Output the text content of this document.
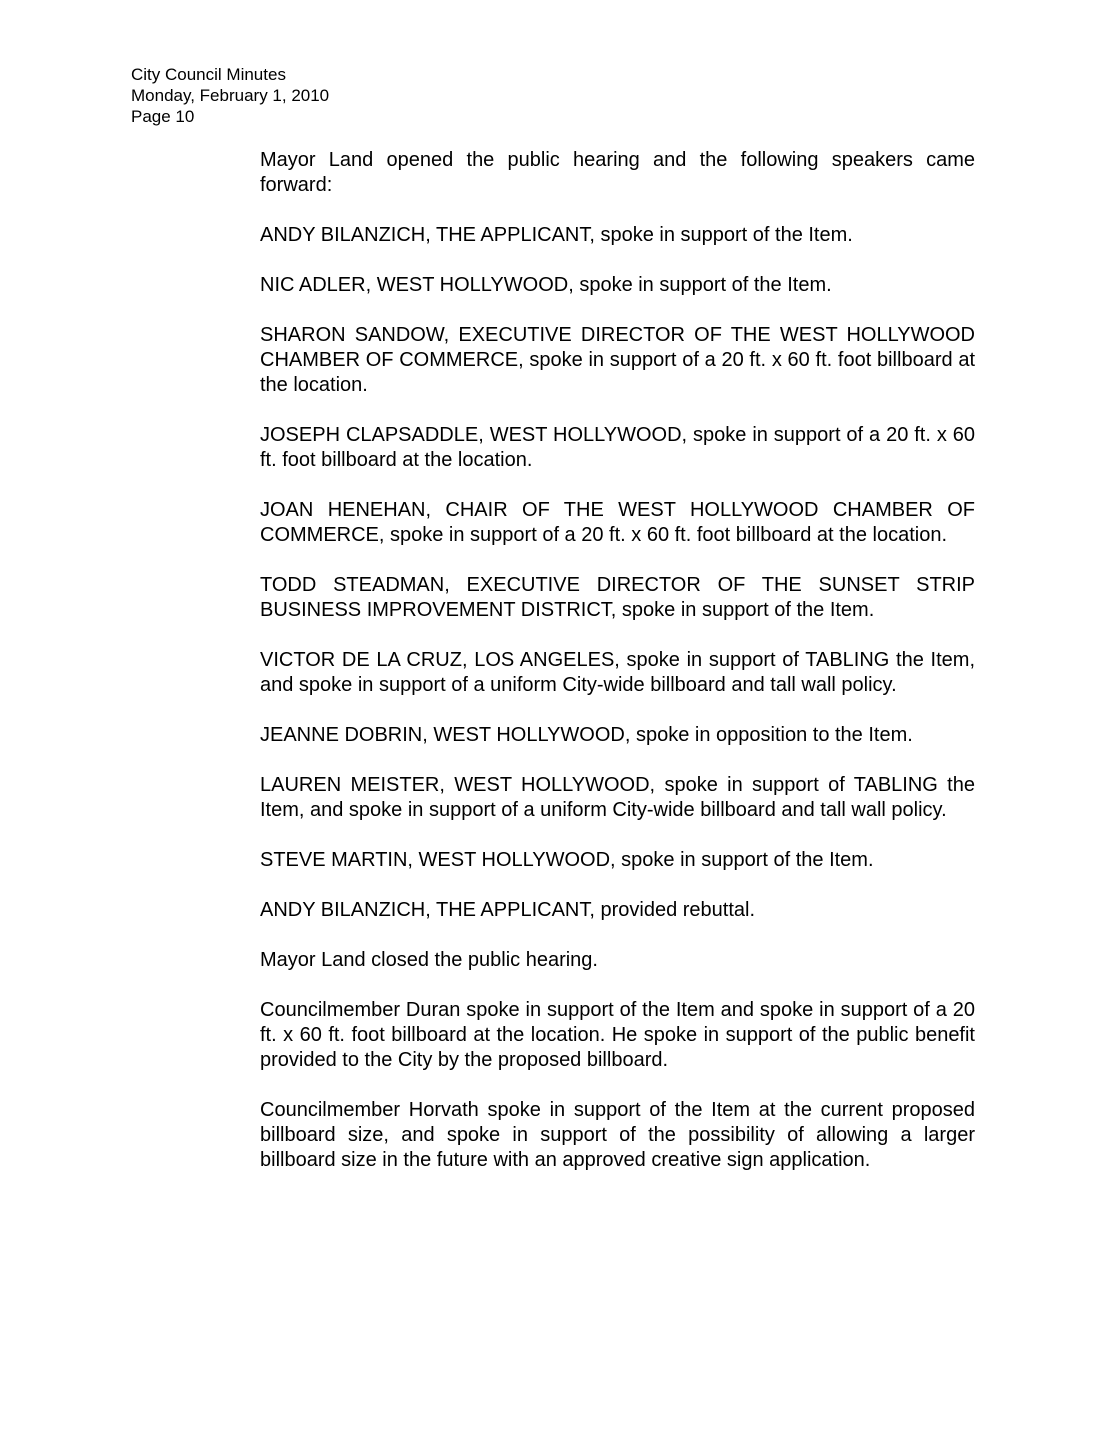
City Council Minutes
Monday, February 1, 2010
Page 10

Mayor Land opened the public hearing and the following speakers came forward:

ANDY BILANZICH, THE APPLICANT, spoke in support of the Item.

NIC ADLER, WEST HOLLYWOOD, spoke in support of the Item.

SHARON SANDOW, EXECUTIVE DIRECTOR OF THE WEST HOLLYWOOD CHAMBER OF COMMERCE, spoke in support of a 20 ft. x 60 ft. foot billboard at the location.

JOSEPH CLAPSADDLE, WEST HOLLYWOOD, spoke in support of a 20 ft. x 60 ft. foot billboard at the location.

JOAN HENEHAN, CHAIR OF THE WEST HOLLYWOOD CHAMBER OF COMMERCE, spoke in support of a 20 ft. x 60 ft. foot billboard at the location.

TODD STEADMAN, EXECUTIVE DIRECTOR OF THE SUNSET STRIP BUSINESS IMPROVEMENT DISTRICT, spoke in support of the Item.

VICTOR DE LA CRUZ, LOS ANGELES, spoke in support of TABLING the Item, and spoke in support of a uniform City-wide billboard and tall wall policy.

JEANNE DOBRIN, WEST HOLLYWOOD, spoke in opposition to the Item.

LAUREN MEISTER, WEST HOLLYWOOD, spoke in support of TABLING the Item, and spoke in support of a uniform City-wide billboard and tall wall policy.

STEVE MARTIN, WEST HOLLYWOOD, spoke in support of the Item.

ANDY BILANZICH, THE APPLICANT, provided rebuttal.

Mayor Land closed the public hearing.

Councilmember Duran spoke in support of the Item and spoke in support of a 20 ft. x 60 ft. foot billboard at the location. He spoke in support of the public benefit provided to the City by the proposed billboard.

Councilmember Horvath spoke in support of the Item at the current proposed billboard size, and spoke in support of the possibility of allowing a larger billboard size in the future with an approved creative sign application.
